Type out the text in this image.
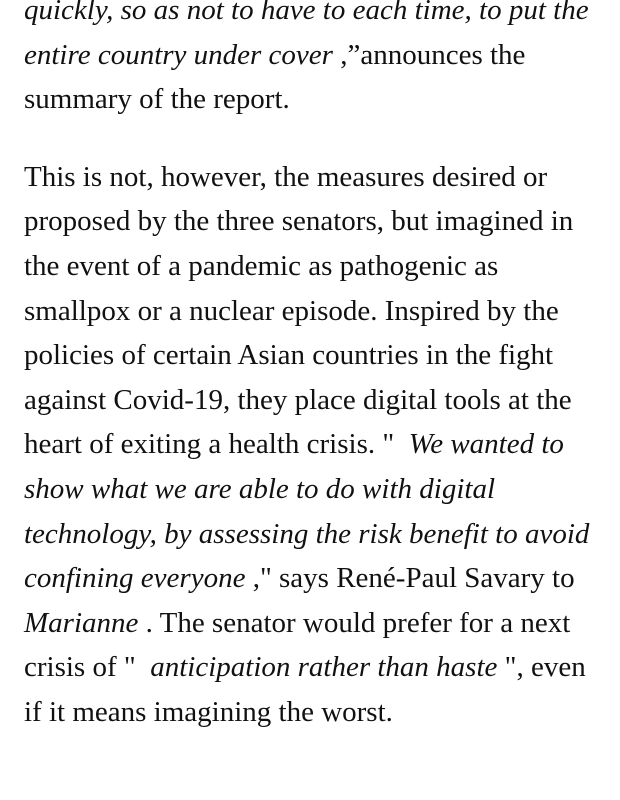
quickly, so as not to have to each time, to put the entire country under cover ,”announces the summary of the report.

This is not, however, the measures desired or proposed by the three senators, but imagined in the event of a pandemic as pathogenic as smallpox or a nuclear episode. Inspired by the policies of certain Asian countries in the fight against Covid-19, they place digital tools at the heart of exiting a health crisis. " We wanted to show what we are able to do with digital technology, by assessing the risk benefit to avoid confining everyone ," says René-Paul Savary to Marianne . The senator would prefer for a next crisis of " anticipation rather than haste ", even if it means imagining the worst.
